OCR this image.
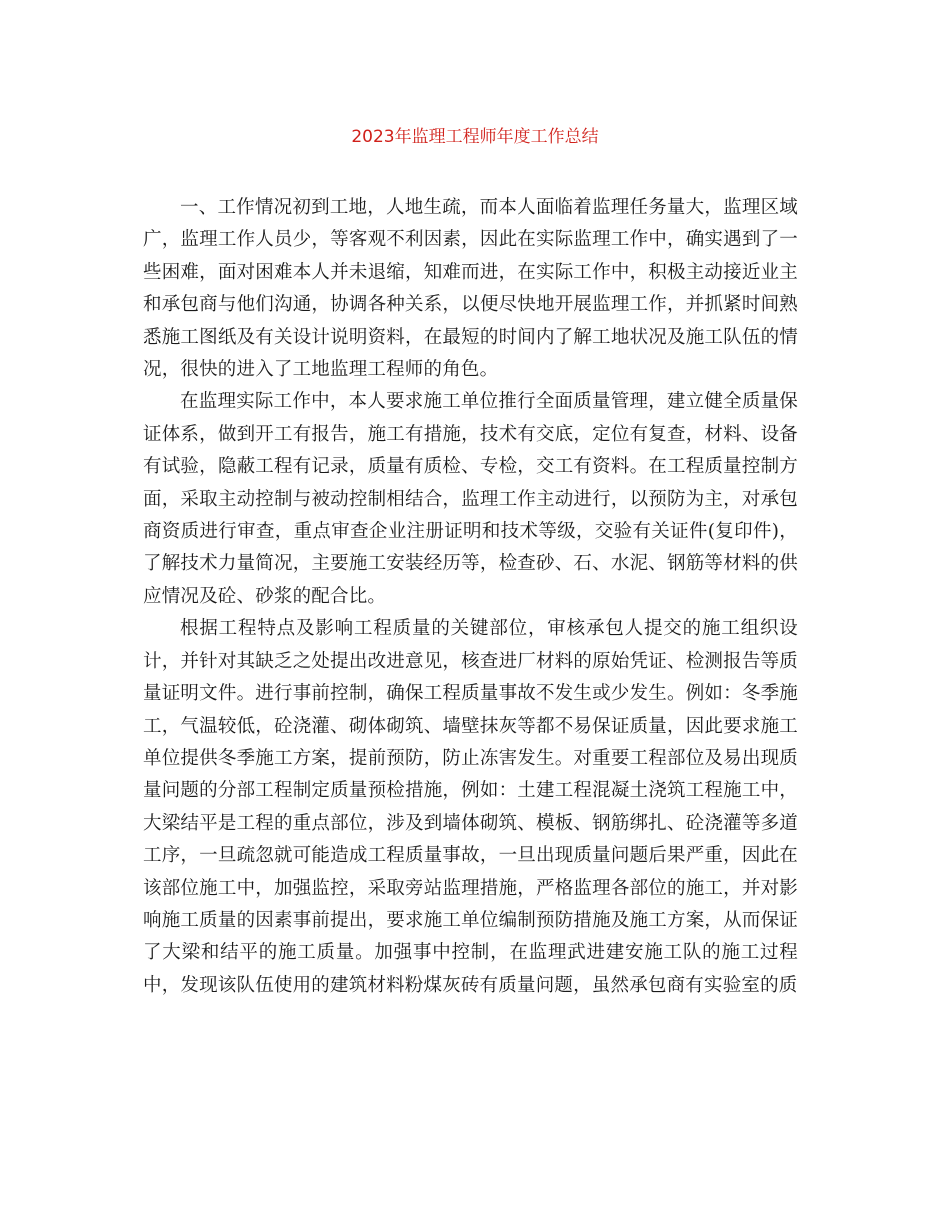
2023年监理工程师年度工作总结

一、工作情况初到工地，人地生疏，而本人面临着监理任务量大，监理区域广，监理工作人员少，等客观不利因素，因此在实际监理工作中，确实遇到了一些困难，面对困难本人并未退缩，知难而进，在实际工作中，积极主动接近业主和承包商与他们沟通，协调各种关系，以便尽快地开展监理工作，并抓紧时间熟悉施工图纸及有关设计说明资料，在最短的时间内了解工地状况及施工队伍的情况，很快的进入了工地监理工程师的角色。

在监理实际工作中，本人要求施工单位推行全面质量管理，建立健全质量保证体系，做到开工有报告，施工有措施，技术有交底，定位有复查，材料、设备有试验，隐蔽工程有记录，质量有质检、专检，交工有资料。在工程质量控制方面，采取主动控制与被动控制相结合，监理工作主动进行，以预防为主，对承包商资质进行审查，重点审查企业注册证明和技术等级，交验有关证件(复印件)，了解技术力量简况，主要施工安装经历等，检查砂、石、水泥、钢筋等材料的供应情况及砼、砂浆的配合比。

根据工程特点及影响工程质量的关键部位，审核承包人提交的施工组织设计，并针对其缺乏之处提出改进意见，核查进厂材料的原始凭证、检测报告等质量证明文件。进行事前控制，确保工程质量事故不发生或少发生。例如：冬季施工，气温较低，砼浇灌、砌体砌筑、墙壁抹灰等都不易保证质量，因此要求施工单位提供冬季施工方案，提前预防，防止冻害发生。对重要工程部位及易出现质量问题的分部工程制定质量预检措施，例如：土建工程混凝土浇筑工程施工中，大梁结平是工程的重点部位，涉及到墙体砌筑、模板、钢筋绑扎、砼浇灌等多道工序，一旦疏忽就可能造成工程质量事故，一旦出现质量问题后果严重，因此在该部位施工中，加强监控，采取旁站监理措施，严格监理各部位的施工，并对影响施工质量的因素事前提出，要求施工单位编制预防措施及施工方案，从而保证了大梁和结平的施工质量。加强事中控制，在监理武进建安施工队的施工过程中，发现该队伍使用的建筑材料粉煤灰砖有质量问题，虽然承包商有实验室的质
